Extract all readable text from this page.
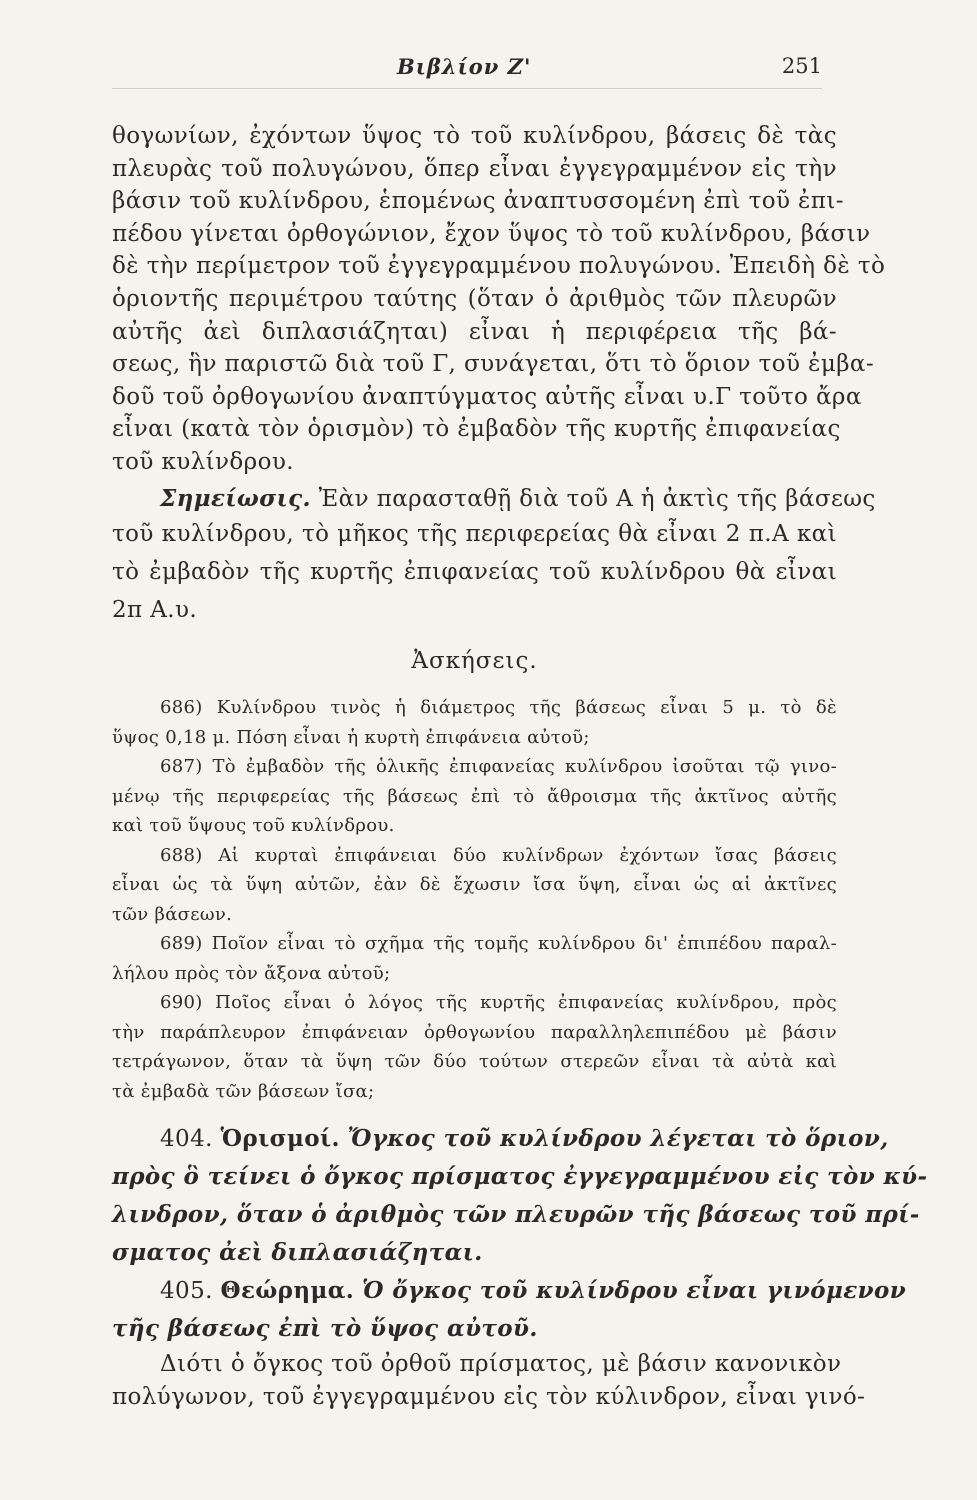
Βιβλίον Ζ'	251
θογωνίων, ἐχόντων ὕψος τὸ τοῦ κυλίνδρου, βάσεις δὲ τὰς
πλευρὰς τοῦ πολυγώνου, ὅπερ εἶναι ἐγγεγραμμένον εἰς τὴν
βάσιν τοῦ κυλίνδρου, ἑπομένως ἀναπτυσσομένη ἐπὶ τοῦ ἐπι-
πέδου γίνεται ὀρθογώνιον, ἔχον ὕψος τὸ τοῦ κυλίνδρου, βάσιν
δὲ τὴν περίμετρον τοῦ ἐγγεγραμμένου πολυγώνου. Ἐπειδὴ δὲ τὸ
ὁριοντῆς περιμέτρου ταύτης (ὅταν ὁ ἀριθμὸς τῶν πλευρῶν
αὐτῆς ἀεὶ διπλασιάζηται) εἶναι ἡ περιφέρεια τῆς βά-
σεως, ἣν παριστῶ διὰ τοῦ Γ, συνάγεται, ὅτι τὸ ὅριον τοῦ ἐμβα-
δοῦ τοῦ ὀρθογωνίου ἀναπτύγματος αὐτῆς εἶναι υ.Γ τοῦτο ἄρα
εἶναι (κατὰ τὸν ὁρισμὸν) τὸ ἐμβαδὸν τῆς κυρτῆς ἐπιφανείας
τοῦ κυλίνδρου.
Σημείωσις. Ἐὰν παρασταθῇ διὰ τοῦ Α ἡ ἀκτὶς τῆς βάσεως
τοῦ κυλίνδρου, τὸ μῆκος τῆς περιφερείας θὰ εἶναι 2 π.Α καὶ
τὸ ἐμβαδὸν τῆς κυρτῆς ἐπιφανείας τοῦ κυλίνδρου θὰ εἶναι
2π Α.υ.
Ἀσκήσεις.
686) Κυλίνδρου τινὸς ἡ διάμετρος τῆς βάσεως εἶναι 5 μ. τὸ δὲ
ὕψος 0,18 μ. Πόση εἶναι ἡ κυρτὴ ἐπιφάνεια αὐτοῦ;
687) Τὸ ἐμβαδὸν τῆς ὁλικῆς ἐπιφανείας κυλίνδρου ἰσοῦται τῷ γινο-
μένῳ τῆς περιφερείας τῆς βάσεως ἐπὶ τὸ ἄθροισμα τῆς ἀκτῖνος αὐτῆς
καὶ τοῦ ὕψους τοῦ κυλίνδρου.
688) Αἱ κυρταὶ ἐπιφάνειαι δύο κυλίνδρων ἐχόντων ἴσας βάσεις
εἶναι ὡς τὰ ὕψη αὐτῶν, ἐὰν δὲ ἔχωσιν ἴσα ὕψη, εἶναι ὡς αἱ ἀκτῖνες
τῶν βάσεων.
689) Ποῖον εἶναι τὸ σχῆμα τῆς τομῆς κυλίνδρου δι' ἐπιπέδου παραλ-
λήλου πρὸς τὸν ἄξονα αὐτοῦ;
690) Ποῖος εἶναι ὁ λόγος τῆς κυρτῆς ἐπιφανείας κυλίνδρου, πρὸς
τὴν παράπλευρον ἐπιφάνειαν ὀρθογωνίου παραλληλεπιπέδου μὲ βάσιν
τετράγωνον, ὅταν τὰ ὕψη τῶν δύο τούτων στερεῶν εἶναι τὰ αὐτὰ καὶ
τὰ ἐμβαδὰ τῶν βάσεων ἴσα;
404. Ὁρισμοί. Ὄγκος τοῦ κυλίνδρου λέγεται τὸ ὅριον,
πρὸς ὃ τείνει ὁ ὄγκος πρίσματος ἐγγεγραμμένου εἰς τὸν κύ-
λινδρον, ὅταν ὁ ἀριθμὸς τῶν πλευρῶν τῆς βάσεως τοῦ πρί-
σματος ἀεὶ διπλασιάζηται.
405. Θεώρημα. Ὁ ὄγκος τοῦ κυλίνδρου εἶναι γινόμενον
τῆς βάσεως ἐπὶ τὸ ὕψος αὐτοῦ.
Διότι ὁ ὄγκος τοῦ ὀρθοῦ πρίσματος, μὲ βάσιν κανονικὸν
πολύγωνον, τοῦ ἐγγεγραμμένου εἰς τὸν κύλινδρον, εἶναι γινό-
